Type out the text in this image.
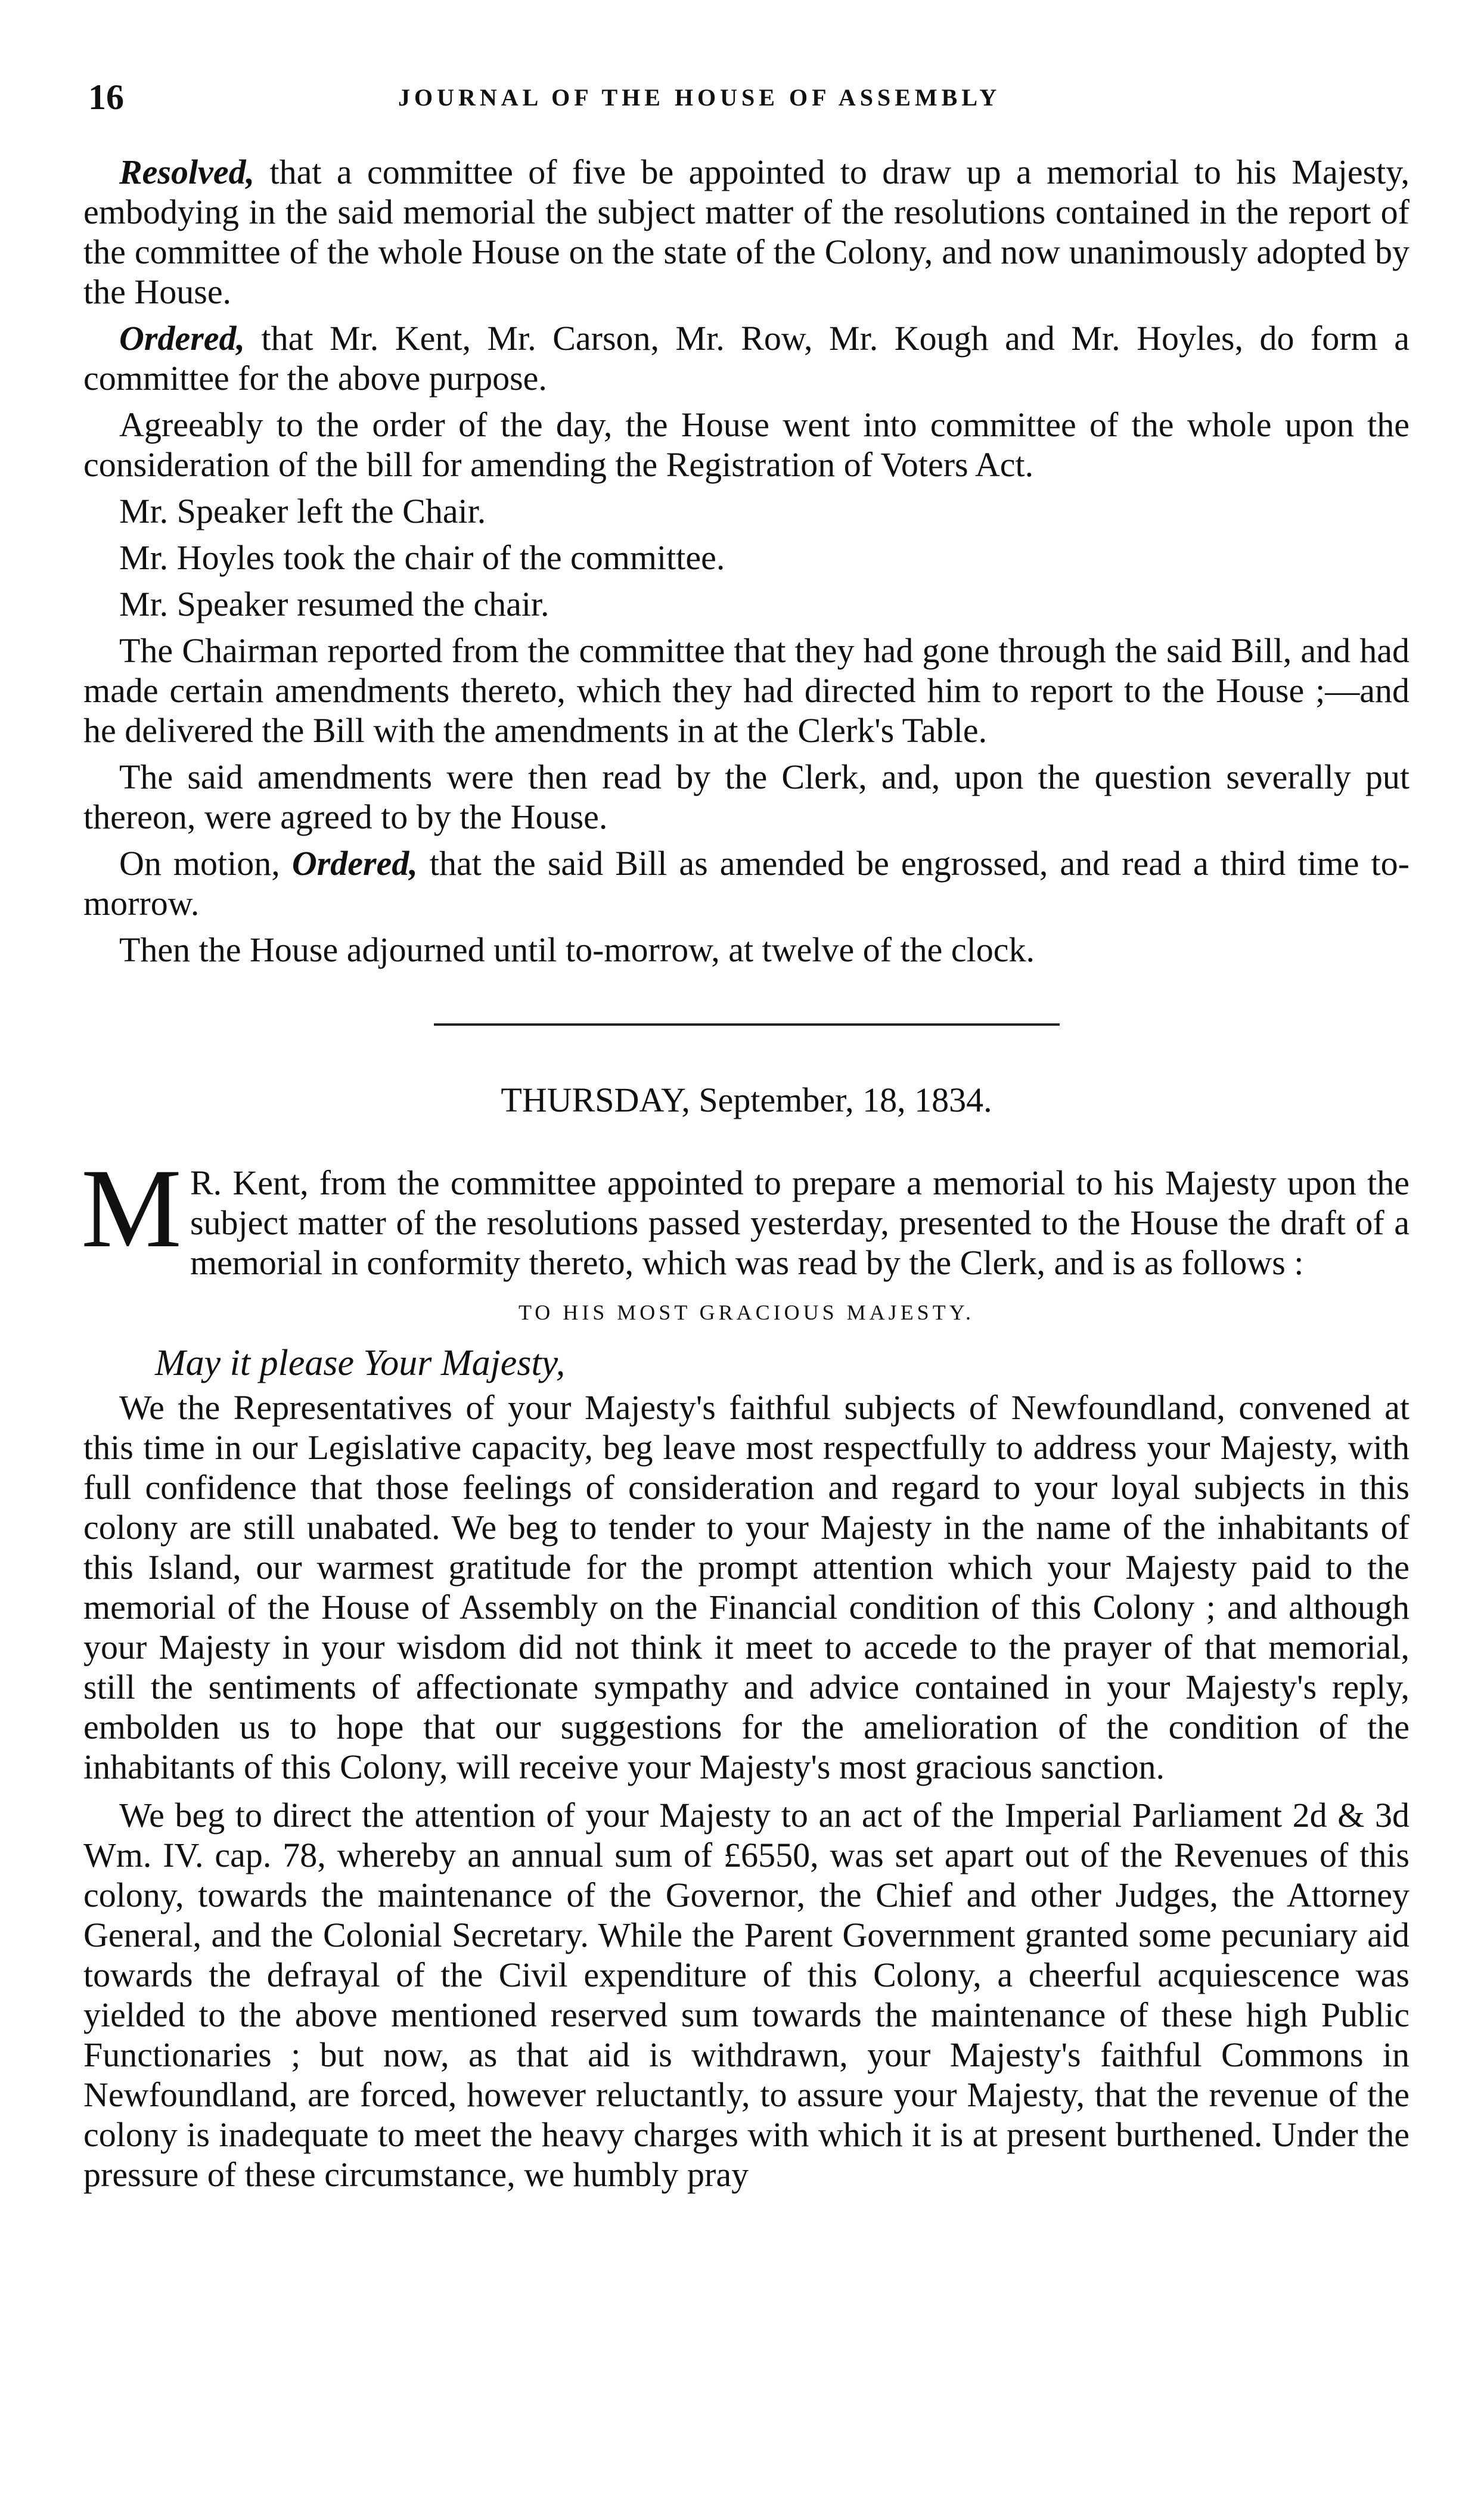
16	JOURNAL OF THE HOUSE OF ASSEMBLY

Resolved, that a committee of five be appointed to draw up a memorial to his Majesty, embodying in the said memorial the subject matter of the resolutions contained in the report of the committee of the whole House on the state of the Colony, and now unanimously adopted by the House.

Ordered, that Mr. Kent, Mr. Carson, Mr. Row, Mr. Kough and Mr. Hoyles, do form a committee for the above purpose.

Agreeably to the order of the day, the House went into committee of the whole upon the consideration of the bill for amending the Registration of Voters Act.

Mr. Speaker left the Chair.

Mr. Hoyles took the chair of the committee.

Mr. Speaker resumed the chair.

The Chairman reported from the committee that they had gone through the said Bill, and had made certain amendments thereto, which they had directed him to report to the House ;—and he delivered the Bill with the amendments in at the Clerk's Table.

The said amendments were then read by the Clerk, and, upon the question severally put thereon, were agreed to by the House.

On motion, Ordered, that the said Bill as amended be engrossed, and read a third time to-morrow.

Then the House adjourned until to-morrow, at twelve of the clock.

THURSDAY, September, 18, 1834.

M R. Kent, from the committee appointed to prepare a memorial to his Majesty upon the subject matter of the resolutions passed yesterday, presented to the House the draft of a memorial in conformity thereto, which was read by the Clerk, and is as follows :

TO HIS MOST GRACIOUS MAJESTY.
May it please Your Majesty,

We the Representatives of your Majesty's faithful subjects of Newfoundland, convened at this time in our Legislative capacity, beg leave most respectfully to address your Majesty, with full confidence that those feelings of consideration and regard to your loyal subjects in this colony are still unabated. We beg to tender to your Majesty in the name of the inhabitants of this Island, our warmest gratitude for the prompt attention which your Majesty paid to the memorial of the House of Assembly on the Financial condition of this Colony ; and although your Majesty in your wisdom did not think it meet to accede to the prayer of that memorial, still the sentiments of affectionate sympathy and advice contained in your Majesty's reply, embolden us to hope that our suggestions for the amelioration of the condition of the inhabitants of this Colony, will receive your Majesty's most gracious sanction.

We beg to direct the attention of your Majesty to an act of the Imperial Parliament 2d & 3d Wm. IV. cap. 78, whereby an annual sum of £6550, was set apart out of the Revenues of this colony, towards the maintenance of the Governor, the Chief and other Judges, the Attorney General, and the Colonial Secretary. While the Parent Government granted some pecuniary aid towards the defrayal of the Civil expenditure of this Colony, a cheerful acquiescence was yielded to the above mentioned reserved sum towards the maintenance of these high Public Functionaries ; but now, as that aid is withdrawn, your Majesty's faithful Commons in Newfoundland, are forced, however reluctantly, to assure your Majesty, that the revenue of the colony is inadequate to meet the heavy charges with which it is at present burthened. Under the pressure of these circumstance, we humbly pray
